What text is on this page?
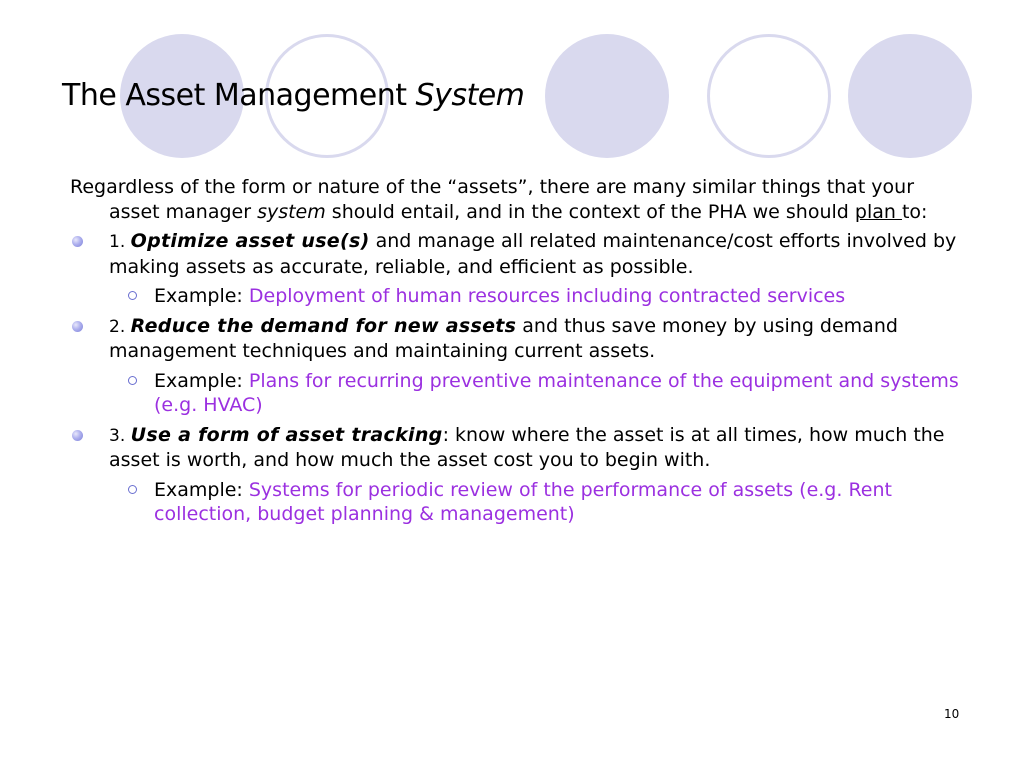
The Asset Management System

Regardless of the form or nature of the “assets”, there are many similar things that your asset manager system should entail, and in the context of the PHA we should plan to:

1. Optimize asset use(s) and manage all related maintenance/cost efforts involved by making assets as accurate, reliable, and efficient as possible.
Example: Deployment of human resources including contracted services
2. Reduce the demand for new assets and thus save money by using demand management techniques and maintaining current assets.
Example: Plans for recurring preventive maintenance of the equipment and systems (e.g. HVAC)
3. Use a form of asset tracking: know where the asset is at all times, how much the asset is worth, and how much the asset cost you to begin with.
Example: Systems for periodic review of the performance of assets (e.g. Rent collection, budget planning & management)
10
